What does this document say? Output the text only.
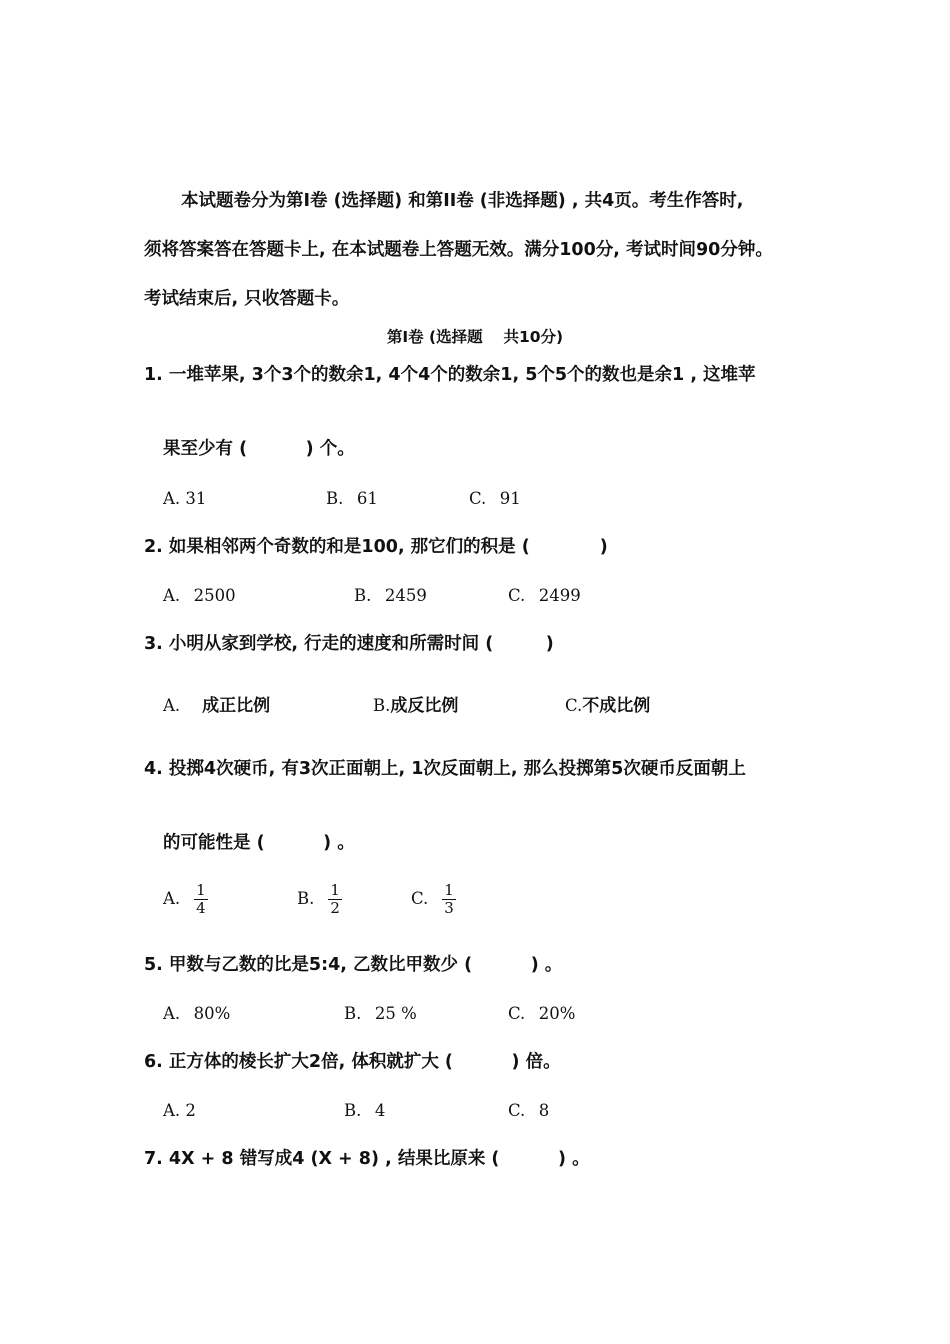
本试题卷分为第Ⅰ卷 (选择题) 和第ⅠⅠ卷 (非选择题) , 共4页。考生作答时,
须将答案答在答题卡上, 在本试题卷上答题无效。满分100分, 考试时间90分钟。
考试结束后, 只收答题卡。
第Ⅰ卷 (选择题　 共10分)
1. 一堆苹果, 3个3个的数余1, 4个4个的数余1, 5个5个的数也是余1 , 这堆苹
果至少有 (　　　 ) 个。
A. 31	B.  61	C.  91
2. 如果相邻两个奇数的和是100, 那它们的积是 (　　　　)
A.  2500	B.  2459	C.  2499
3. 小明从家到学校, 行走的速度和所需时间 (　　　)
A. 成正比例	B.成反比例	C.不成比例
4. 投掷4次硬币, 有3次正面朝上, 1次反面朝上, 那么投掷第5次硬币反面朝上
的可能性是 (　　　 ) 。
A. $\frac{1}{4}$	B. $\frac{1}{2}$	C. $\frac{1}{3}$
5. 甲数与乙数的比是5:4, 乙数比甲数少 (　　　 ) 。
A.  80%	B.  25 %	C.  20%
6. 正方体的棱长扩大2倍, 体积就扩大 (　　　 ) 倍。
A. 2	B.  4	C.  8
7. 4X + 8 错写成4 (X + 8) , 结果比原来 (　　　 ) 。
